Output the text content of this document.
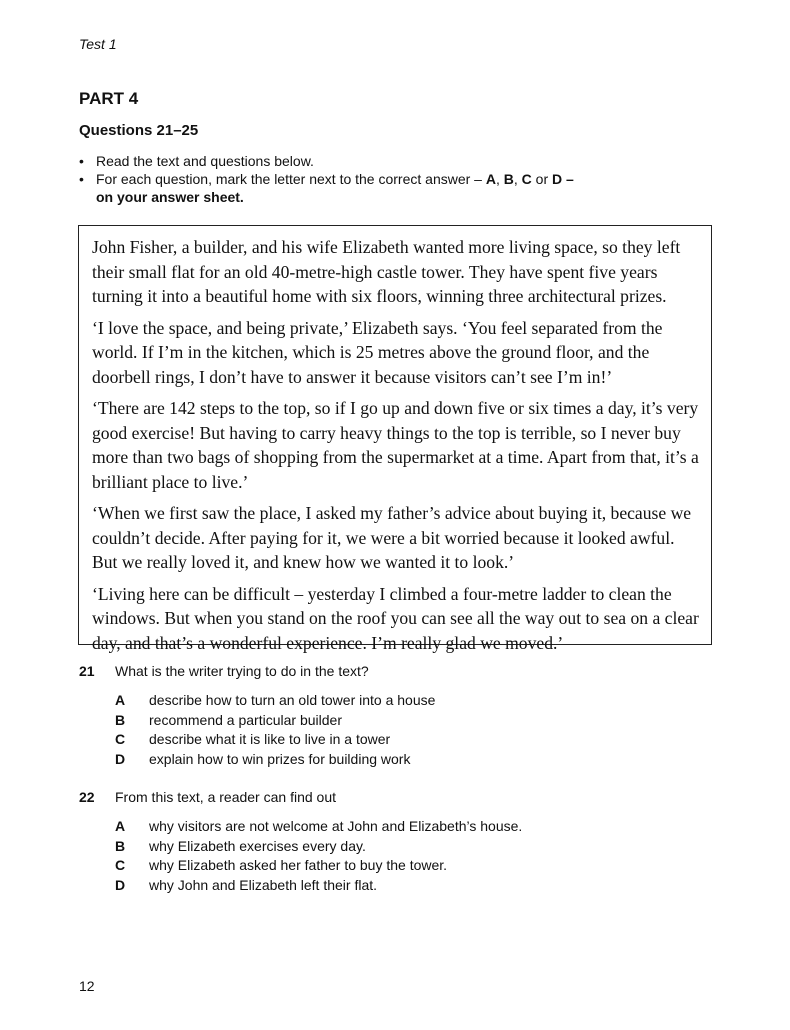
Test 1
PART 4
Questions 21–25
• Read the text and questions below.
• For each question, mark the letter next to the correct answer – A, B, C or D –
on your answer sheet.

John Fisher, a builder, and his wife Elizabeth wanted more living space, so they left their small flat for an old 40-metre-high castle tower. They have spent five years turning it into a beautiful home with six floors, winning three architectural prizes.

‘I love the space, and being private,’ Elizabeth says. ‘You feel separated from the world. If I’m in the kitchen, which is 25 metres above the ground floor, and the doorbell rings, I don’t have to answer it because visitors can’t see I’m in!’

‘There are 142 steps to the top, so if I go up and down five or six times a day, it’s very good exercise! But having to carry heavy things to the top is terrible, so I never buy more than two bags of shopping from the supermarket at a time. Apart from that, it’s a brilliant place to live.’

‘When we first saw the place, I asked my father’s advice about buying it, because we couldn’t decide. After paying for it, we were a bit worried because it looked awful. But we really loved it, and knew how we wanted it to look.’

‘Living here can be difficult – yesterday I climbed a four-metre ladder to clean the windows. But when you stand on the roof you can see all the way out to sea on a clear day, and that’s a wonderful experience. I’m really glad we moved.’

21 What is the writer trying to do in the text?
A describe how to turn an old tower into a house
B recommend a particular builder
C describe what it is like to live in a tower
D explain how to win prizes for building work
22 From this text, a reader can find out
A why visitors are not welcome at John and Elizabeth’s house.
B why Elizabeth exercises every day.
C why Elizabeth asked her father to buy the tower.
D why John and Elizabeth left their flat.
12
